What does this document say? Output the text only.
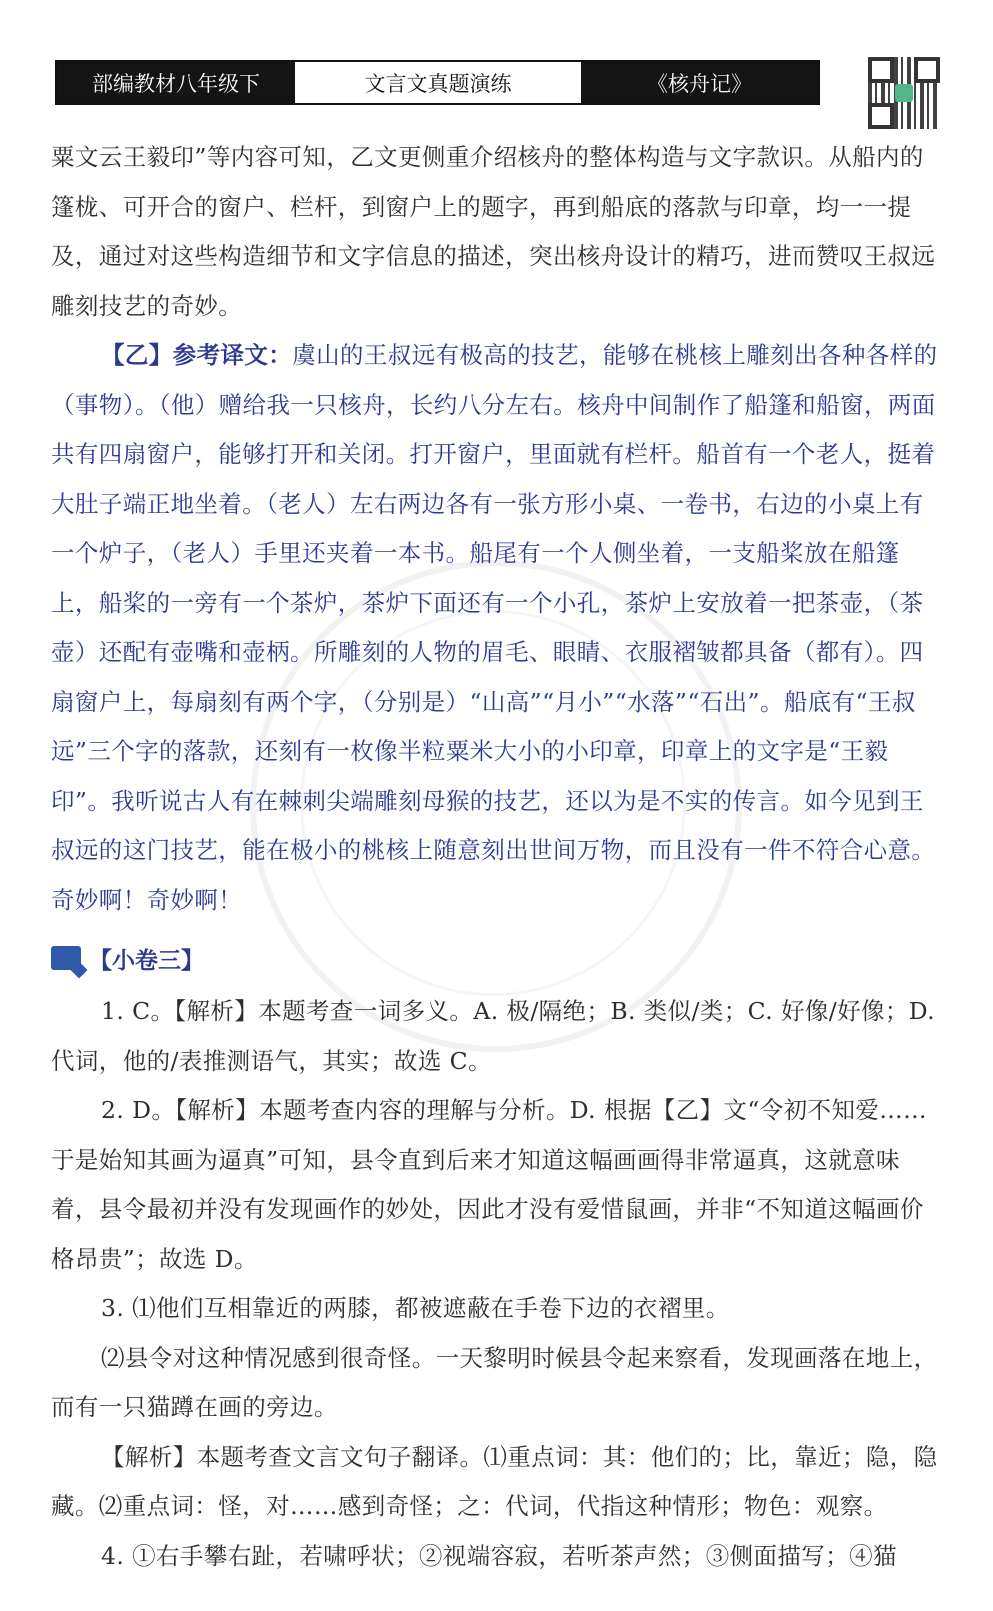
部编教材八年级下	文言文真题演练	《核舟记》

粟文云王毅印”等内容可知，乙文更侧重介绍核舟的整体构造与文字款识。从船内的篷栊、可开合的窗户、栏杆，到窗户上的题字，再到船底的落款与印章，均一一提及，通过对这些构造细节和文字信息的描述，突出核舟设计的精巧，进而赞叹王叔远雕刻技艺的奇妙。

【乙】参考译文：虞山的王叔远有极高的技艺，能够在桃核上雕刻出各种各样的（事物）。（他）赠给我一只核舟，长约八分左右。核舟中间制作了船篷和船窗，两面共有四扇窗户，能够打开和关闭。打开窗户，里面就有栏杆。船首有一个老人，挺着大肚子端正地坐着。（老人）左右两边各有一张方形小桌、一卷书，右边的小桌上有一个炉子，（老人）手里还夹着一本书。船尾有一个人侧坐着，一支船桨放在船篷上，船桨的一旁有一个茶炉，茶炉下面还有一个小孔，茶炉上安放着一把茶壶，（茶壶）还配有壶嘴和壶柄。所雕刻的人物的眉毛、眼睛、衣服褶皱都具备（都有）。四扇窗户上，每扇刻有两个字，（分别是）“山高”“月小”“水落”“石出”。船底有“王叔远”三个字的落款，还刻有一枚像半粒粟米大小的小印章，印章上的文字是“王毅印”。我听说古人有在棘刺尖端雕刻母猴的技艺，还以为是不实的传言。如今见到王叔远的这门技艺，能在极小的桃核上随意刻出世间万物，而且没有一件不符合心意。奇妙啊！奇妙啊！

【小卷三】

1. C。【解析】本题考查一词多义。A. 极/隔绝；B. 类似/类；C. 好像/好像；D. 代词，他的/表推测语气，其实；故选 C。

2. D。【解析】本题考查内容的理解与分析。D. 根据【乙】文“令初不知爱……于是始知其画为逼真”可知，县令直到后来才知道这幅画画得非常逼真，这就意味着，县令最初并没有发现画作的妙处，因此才没有爱惜鼠画，并非“不知道这幅画价格昂贵”；故选 D。

3. ⑴他们互相靠近的两膝，都被遮蔽在手卷下边的衣褶里。

⑵县令对这种情况感到很奇怪。一天黎明时候县令起来察看，发现画落在地上，而有一只猫蹲在画的旁边。

【解析】本题考查文言文句子翻译。⑴重点词：其：他们的；比，靠近；隐，隐藏。⑵重点词：怪，对……感到奇怪；之：代词，代指这种情形；物色：观察。

4. ①右手攀右趾，若啸呼状；②视端容寂，若听茶声然；③侧面描写；④猫
